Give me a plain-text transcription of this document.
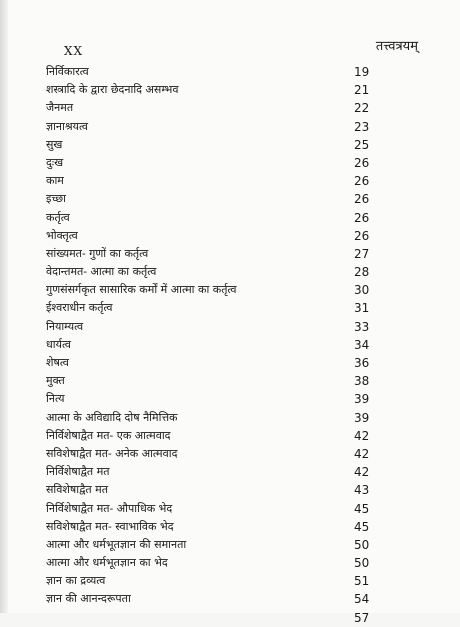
XX	तत्त्वत्रयम्
निर्विकारत्व	19
शस्त्रादि के द्वारा छेदनादि असम्भव	21
जैनमत	22
ज्ञानाश्रयत्व	23
सुख	25
दुःख	26
काम	26
इच्छा	26
कर्तृत्व	26
भोक्तृत्व	26
सांख्यमत- गुणों का कर्तृत्व	27
वेदान्तमत- आत्मा का कर्तृत्व	28
गुणसंसर्गकृत सासारिक कर्मों में आत्मा का कर्तृत्व	30
ईश्वराधीन कर्तृत्व	31
नियाम्यत्व	33
धार्यत्व	34
शेषत्व	36
मुक्त	38
नित्य	39
आत्मा के अविद्यादि दोष नैमित्तिक	39
निर्विशेषाद्वैत मत- एक आत्मवाद	42
सविशेषाद्वैत मत- अनेक आत्मवाद	42
निर्विशेषाद्वैत मत	42
सविशेषाद्वैत मत	43
निर्विशेषाद्वैत मत- औपाधिक भेद	45
सविशेषाद्वैत मत- स्वाभाविक भेद	45
आत्मा और धर्मभूतज्ञान की समानता	50
आत्मा और धर्मभूतज्ञान का भेद	50
ज्ञान का द्रव्यत्व	51
ज्ञान की आनन्दरूपता	54
57
